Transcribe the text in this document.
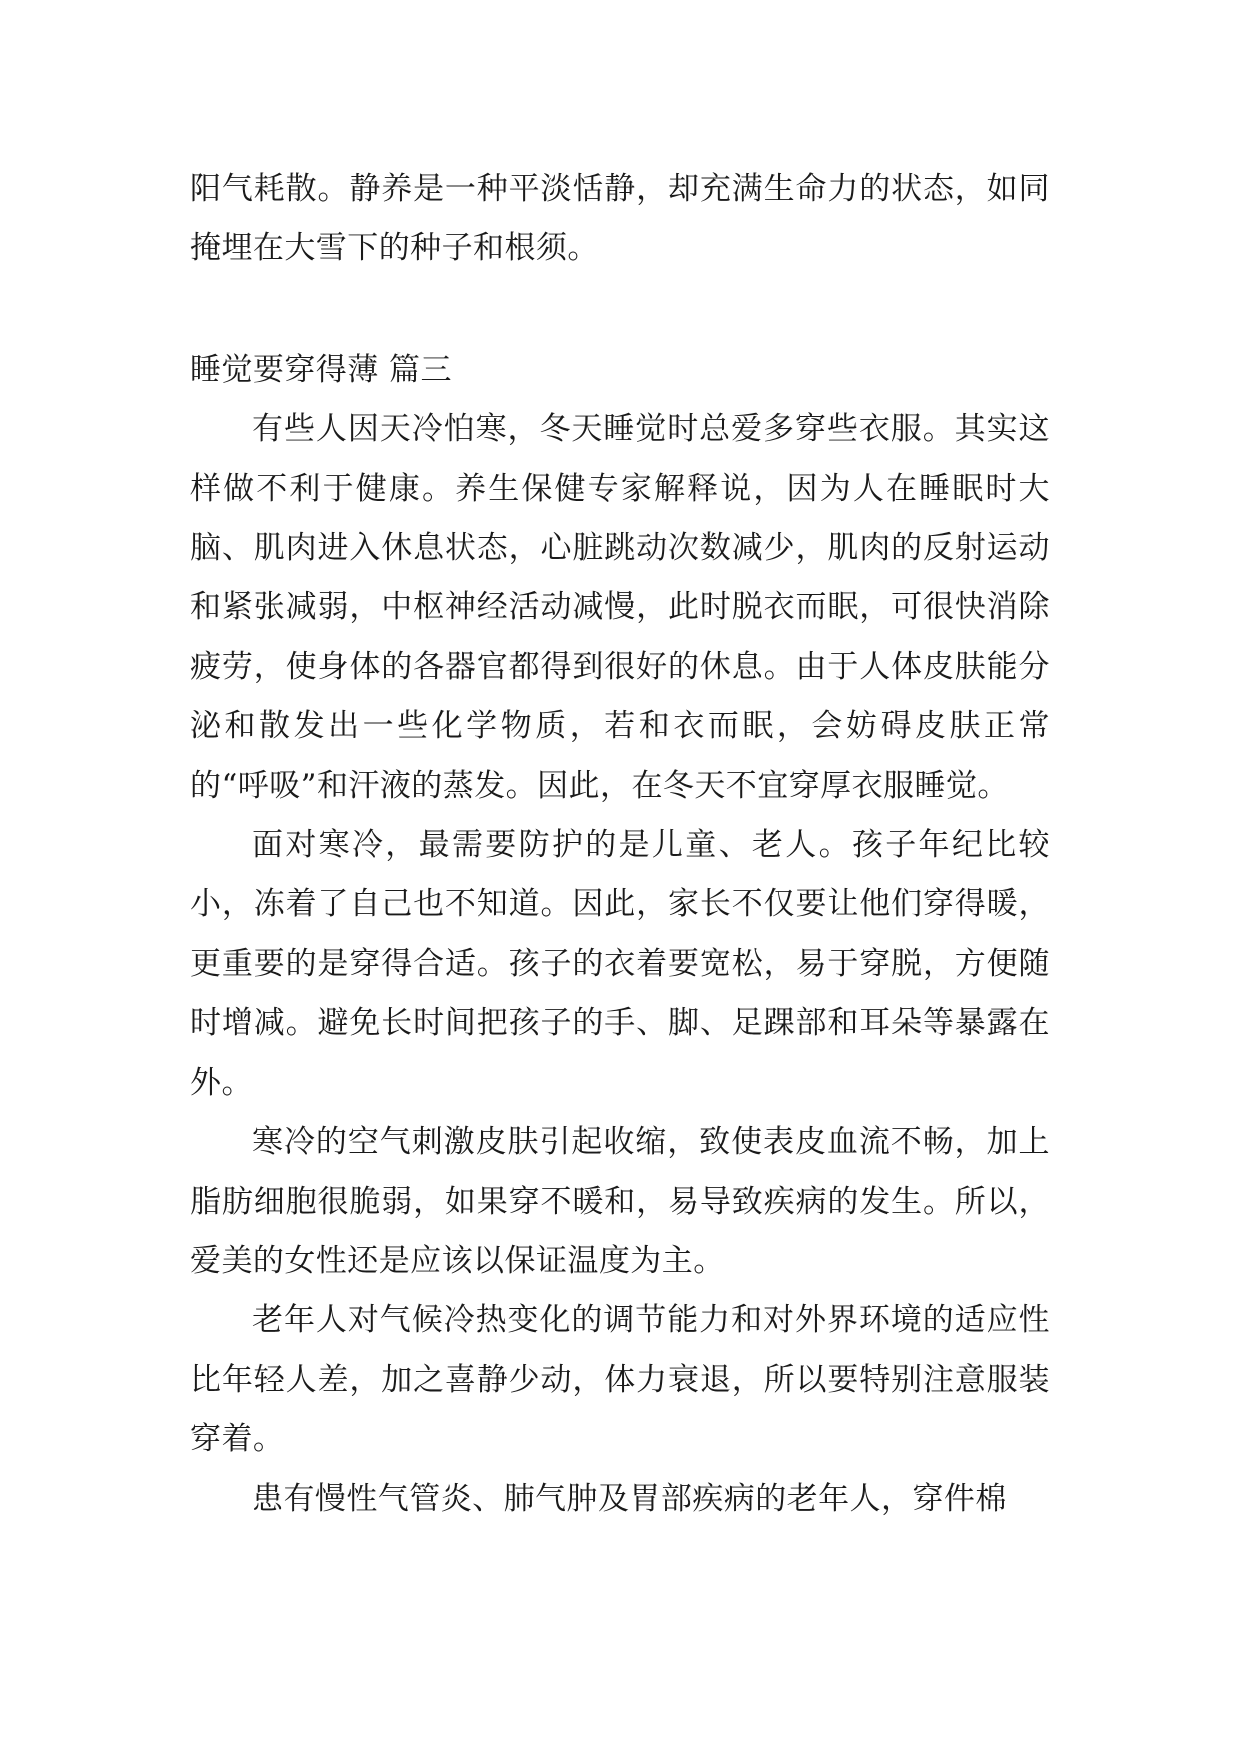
阳气耗散。静养是一种平淡恬静，却充满生命力的状态，如同掩埋在大雪下的种子和根须。

睡觉要穿得薄 篇三

有些人因天冷怕寒，冬天睡觉时总爱多穿些衣服。其实这样做不利于健康。养生保健专家解释说，因为人在睡眠时大脑、肌肉进入休息状态，心脏跳动次数减少，肌肉的反射运动和紧张减弱，中枢神经活动减慢，此时脱衣而眠，可很快消除疲劳，使身体的各器官都得到很好的休息。由于人体皮肤能分泌和散发出一些化学物质，若和衣而眠，会妨碍皮肤正常的“呼吸”和汗液的蒸发。因此，在冬天不宜穿厚衣服睡觉。

面对寒冷，最需要防护的是儿童、老人。孩子年纪比较小，冻着了自己也不知道。因此，家长不仅要让他们穿得暖，更重要的是穿得合适。孩子的衣着要宽松，易于穿脱，方便随时增减。避免长时间把孩子的手、脚、足踝部和耳朵等暴露在外。

寒冷的空气刺激皮肤引起收缩，致使表皮血流不畅，加上脂肪细胞很脆弱，如果穿不暖和，易导致疾病的发生。所以，爱美的女性还是应该以保证温度为主。

老年人对气候冷热变化的调节能力和对外界环境的适应性比年轻人差，加之喜静少动，体力衰退，所以要特别注意服装穿着。

患有慢性气管炎、肺气肿及胃部疾病的老年人，穿件棉
